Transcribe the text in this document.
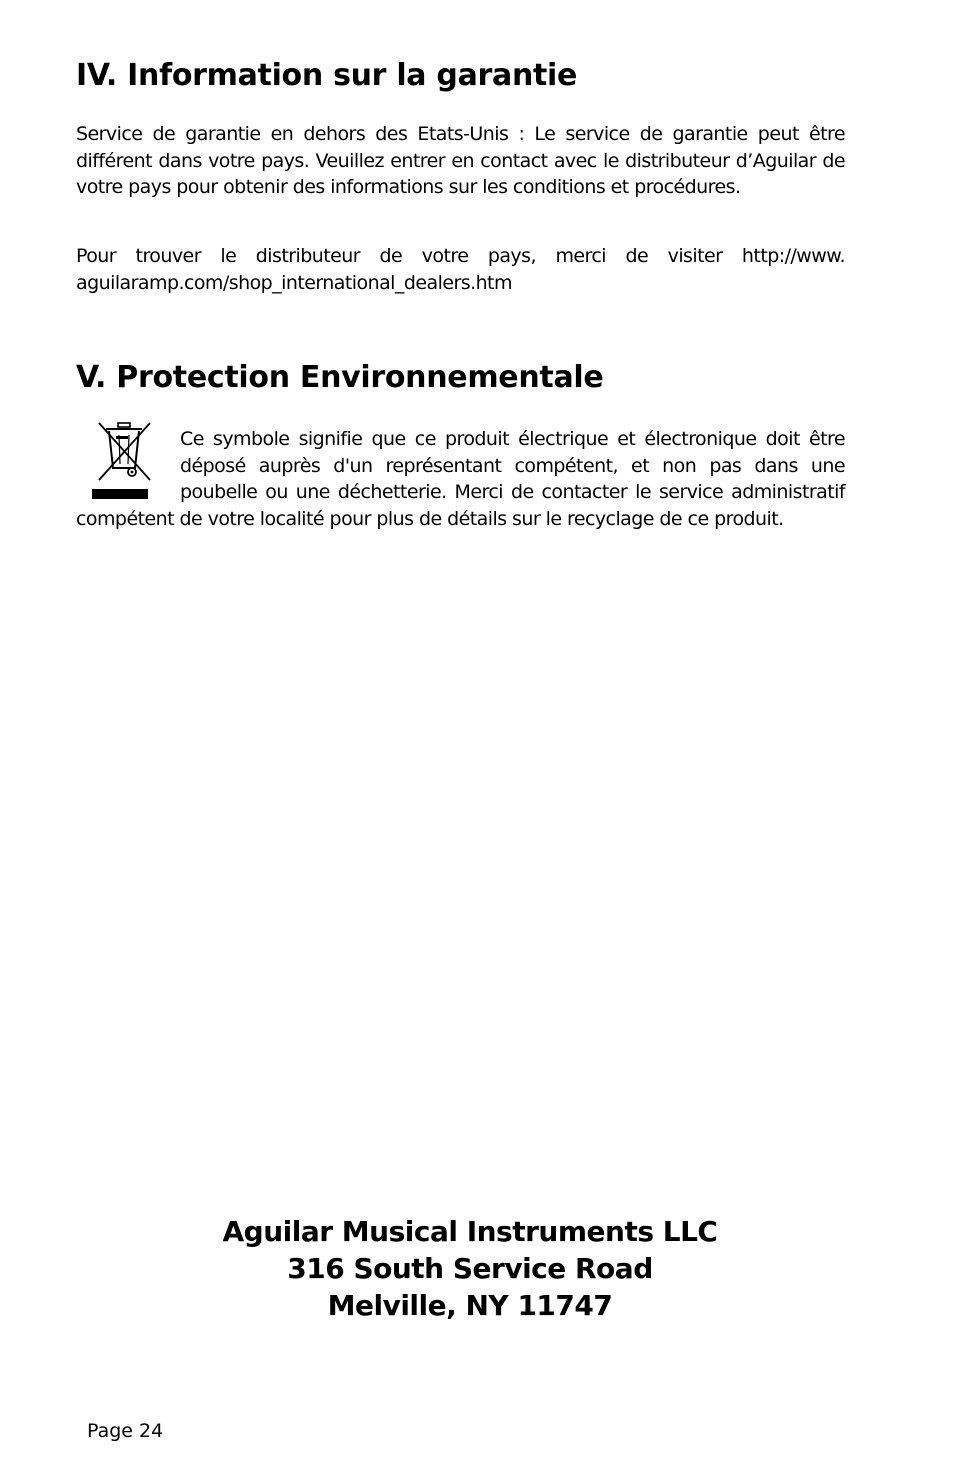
IV. Information sur la garantie

Service de garantie en dehors des Etats-Unis : Le service de garantie peut être différent dans votre pays. Veuillez entrer en contact avec le distributeur d’Aguilar de votre pays pour obtenir des informations sur les conditions et procédures.

Pour trouver le distributeur de votre pays, merci de visiter http://www. aguilaramp.com/shop_international_dealers.htm

V. Protection Environnementale
Ce symbole signifie que ce produit électrique et électronique doit être déposé auprès d'un représentant compétent, et non pas dans une poubelle ou une déchetterie. Merci de contacter le service administratif compétent de votre localité pour plus de détails sur le recyclage de ce produit.
Aguilar Musical Instruments LLC
316 South Service Road
Melville, NY 11747
Page 24
